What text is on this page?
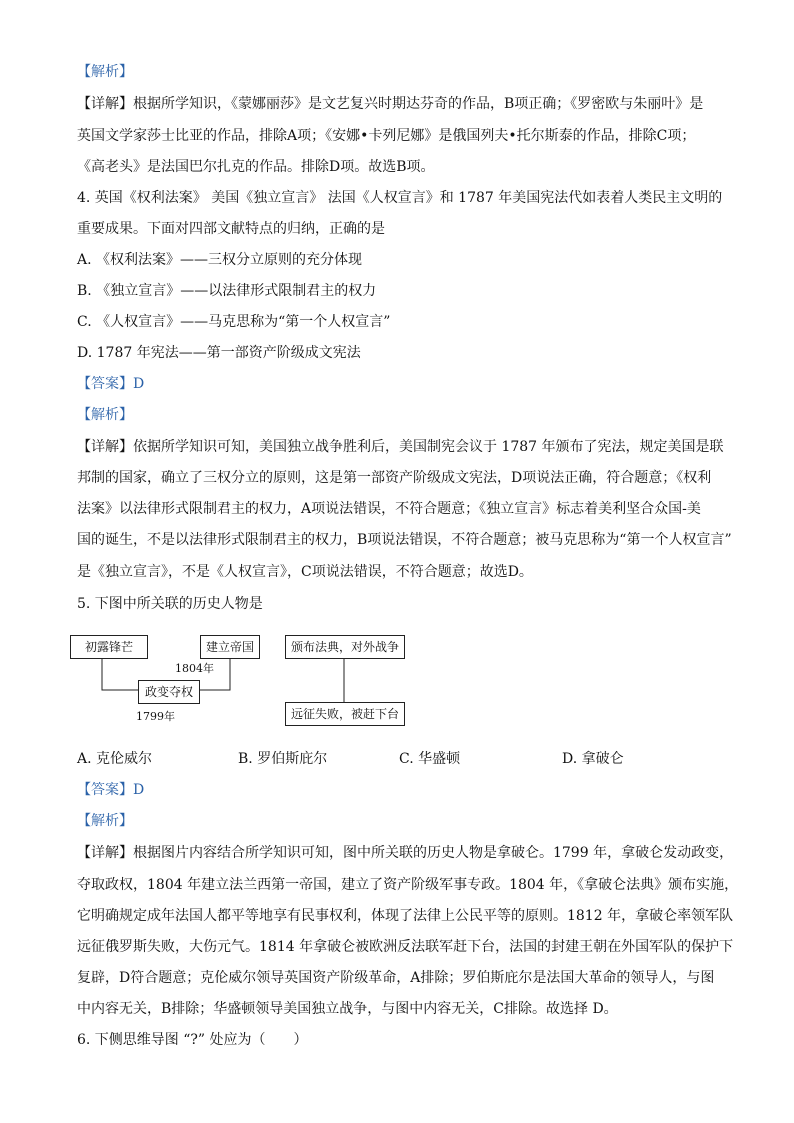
【解析】
【详解】根据所学知识，《蒙娜丽莎》是文艺复兴时期达芬奇的作品，B项正确；《罗密欧与朱丽叶》是
英国文学家莎士比亚的作品，排除A项；《安娜•卡列尼娜》是俄国列夫•托尔斯泰的作品，排除C项；
《高老头》是法国巴尔扎克的作品。排除D项。故选B项。
4. 英国《权利法案》 美国《独立宣言》 法国《人权宣言》和 1787 年美国宪法代如表着人类民主文明的
重要成果。下面对四部文献特点的归纳，正确的是
A. 《权利法案》——三权分立原则的充分体现
B. 《独立宣言》——以法律形式限制君主的权力
C. 《人权宣言》——马克思称为“第一个人权宣言”
D. 1787 年宪法——第一部资产阶级成文宪法
【答案】D
【解析】
【详解】依据所学知识可知，美国独立战争胜利后，美国制宪会议于 1787 年颁布了宪法，规定美国是联
邦制的国家，确立了三权分立的原则，这是第一部资产阶级成文宪法，D项说法正确，符合题意；《权利
法案》以法律形式限制君主的权力，A项说法错误，不符合题意；《独立宣言》标志着美利坚合众国-美
国的诞生，不是以法律形式限制君主的权力，B项说法错误，不符合题意；被马克思称为“第一个人权宣言”
是《独立宣言》，不是《人权宣言》，C项说法错误，不符合题意；故选D。
5. 下图中所关联的历史人物是
初露锋芒	建立帝国
1804年
政变夺权
1799年
颁布法典，对外战争
远征失败，被赶下台
A. 克伦威尔	B. 罗伯斯庇尔	C. 华盛顿	D. 拿破仑
【答案】D
【解析】
【详解】根据图片内容结合所学知识可知，图中所关联的历史人物是拿破仑。1799 年，拿破仑发动政变，
夺取政权，1804 年建立法兰西第一帝国，建立了资产阶级军事专政。1804 年，《拿破仑法典》颁布实施，
它明确规定成年法国人都平等地享有民事权利，体现了法律上公民平等的原则。1812 年，拿破仑率领军队
远征俄罗斯失败，大伤元气。1814 年拿破仑被欧洲反法联军赶下台，法国的封建王朝在外国军队的保护下
复辟，D符合题意；克伦威尔领导英国资产阶级革命，A排除；罗伯斯庇尔是法国大革命的领导人，与图
中内容无关，B排除；华盛顿领导美国独立战争，与图中内容无关，C排除。故选择 D。
6. 下侧思维导图 “?” 处应为（　　）
